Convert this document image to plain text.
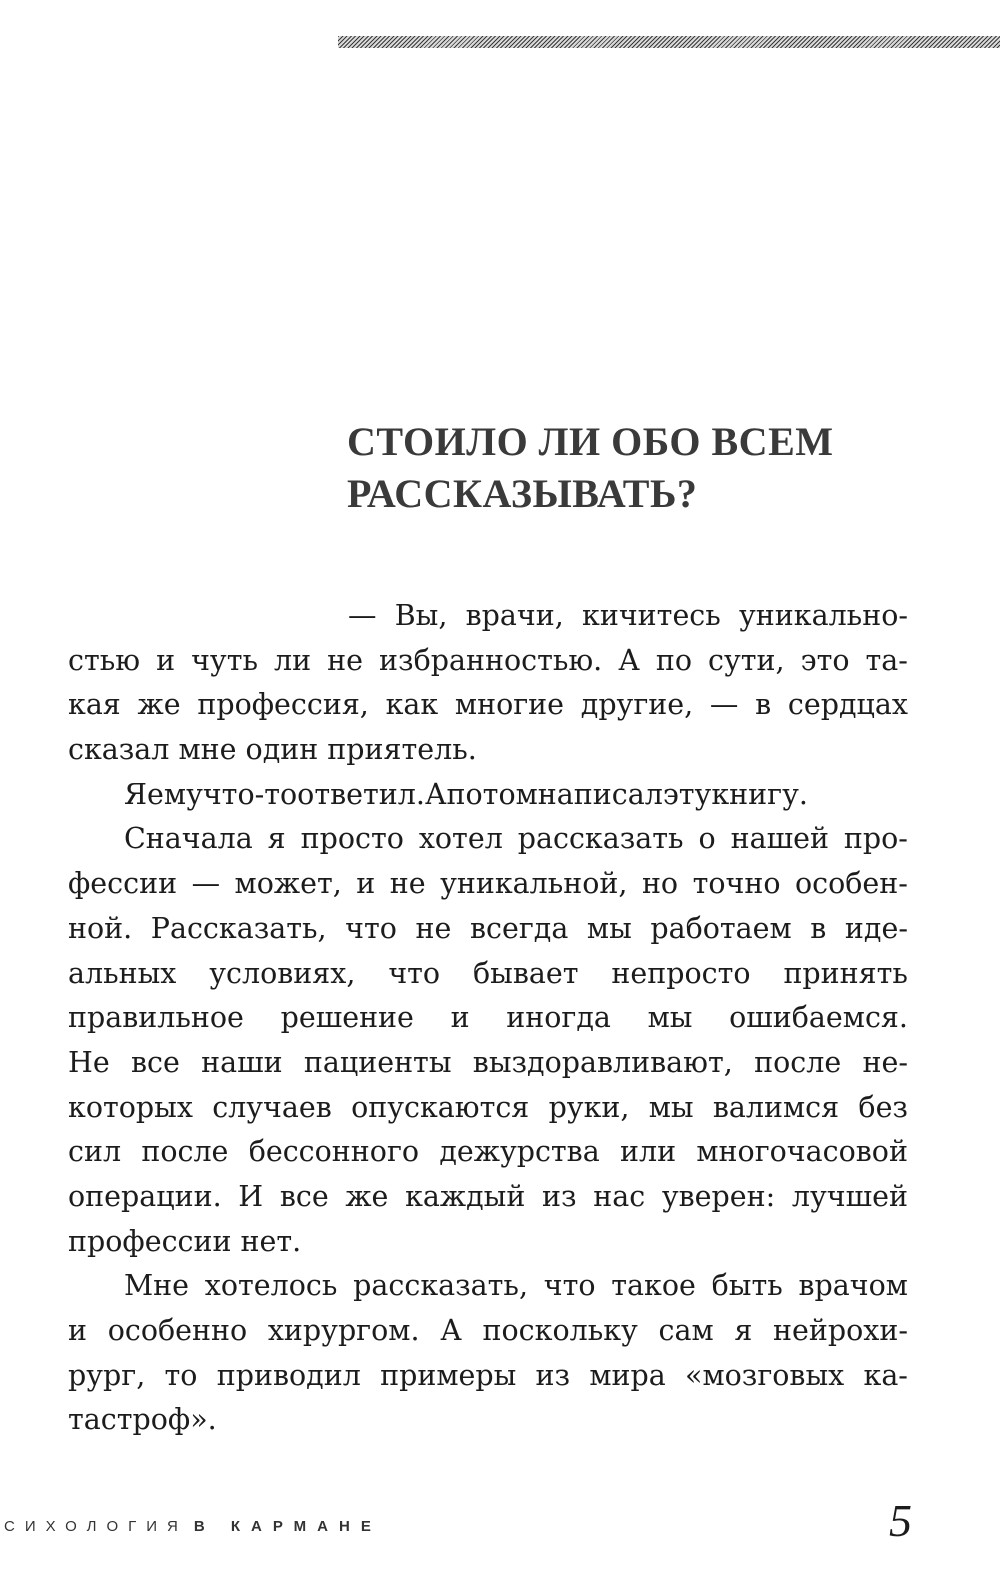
СТОИЛО ЛИ ОБО ВСЕМ
РАССКАЗЫВАТЬ?
— Вы, врачи, кичитесь уникально-
стью и чуть ли не избранностью. А по сути, это та-
кая же профессия, как многие другие, — в сердцах
сказал мне один приятель.
Я ему что-то ответил. А потом написал эту книгу.
Сначала я просто хотел рассказать о нашей про-
фессии — может, и не уникальной, но точно особен-
ной. Рассказать, что не всегда мы работаем в иде-
альных условиях, что бывает непросто принять
правильное решение и иногда мы ошибаемся.
Не все наши пациенты выздоравливают, после не-
которых случаев опускаются руки, мы валимся без
сил после бессонного дежурства или многочасовой
операции. И все же каждый из нас уверен: лучшей
профессии нет.
Мне хотелось рассказать, что такое быть врачом
и особенно хирургом. А поскольку сам я нейрохи-
рург, то приводил примеры из мира «мозговых ка-
тастроф».
СИХОЛОГИЯ В КАРМАНЕ	5
